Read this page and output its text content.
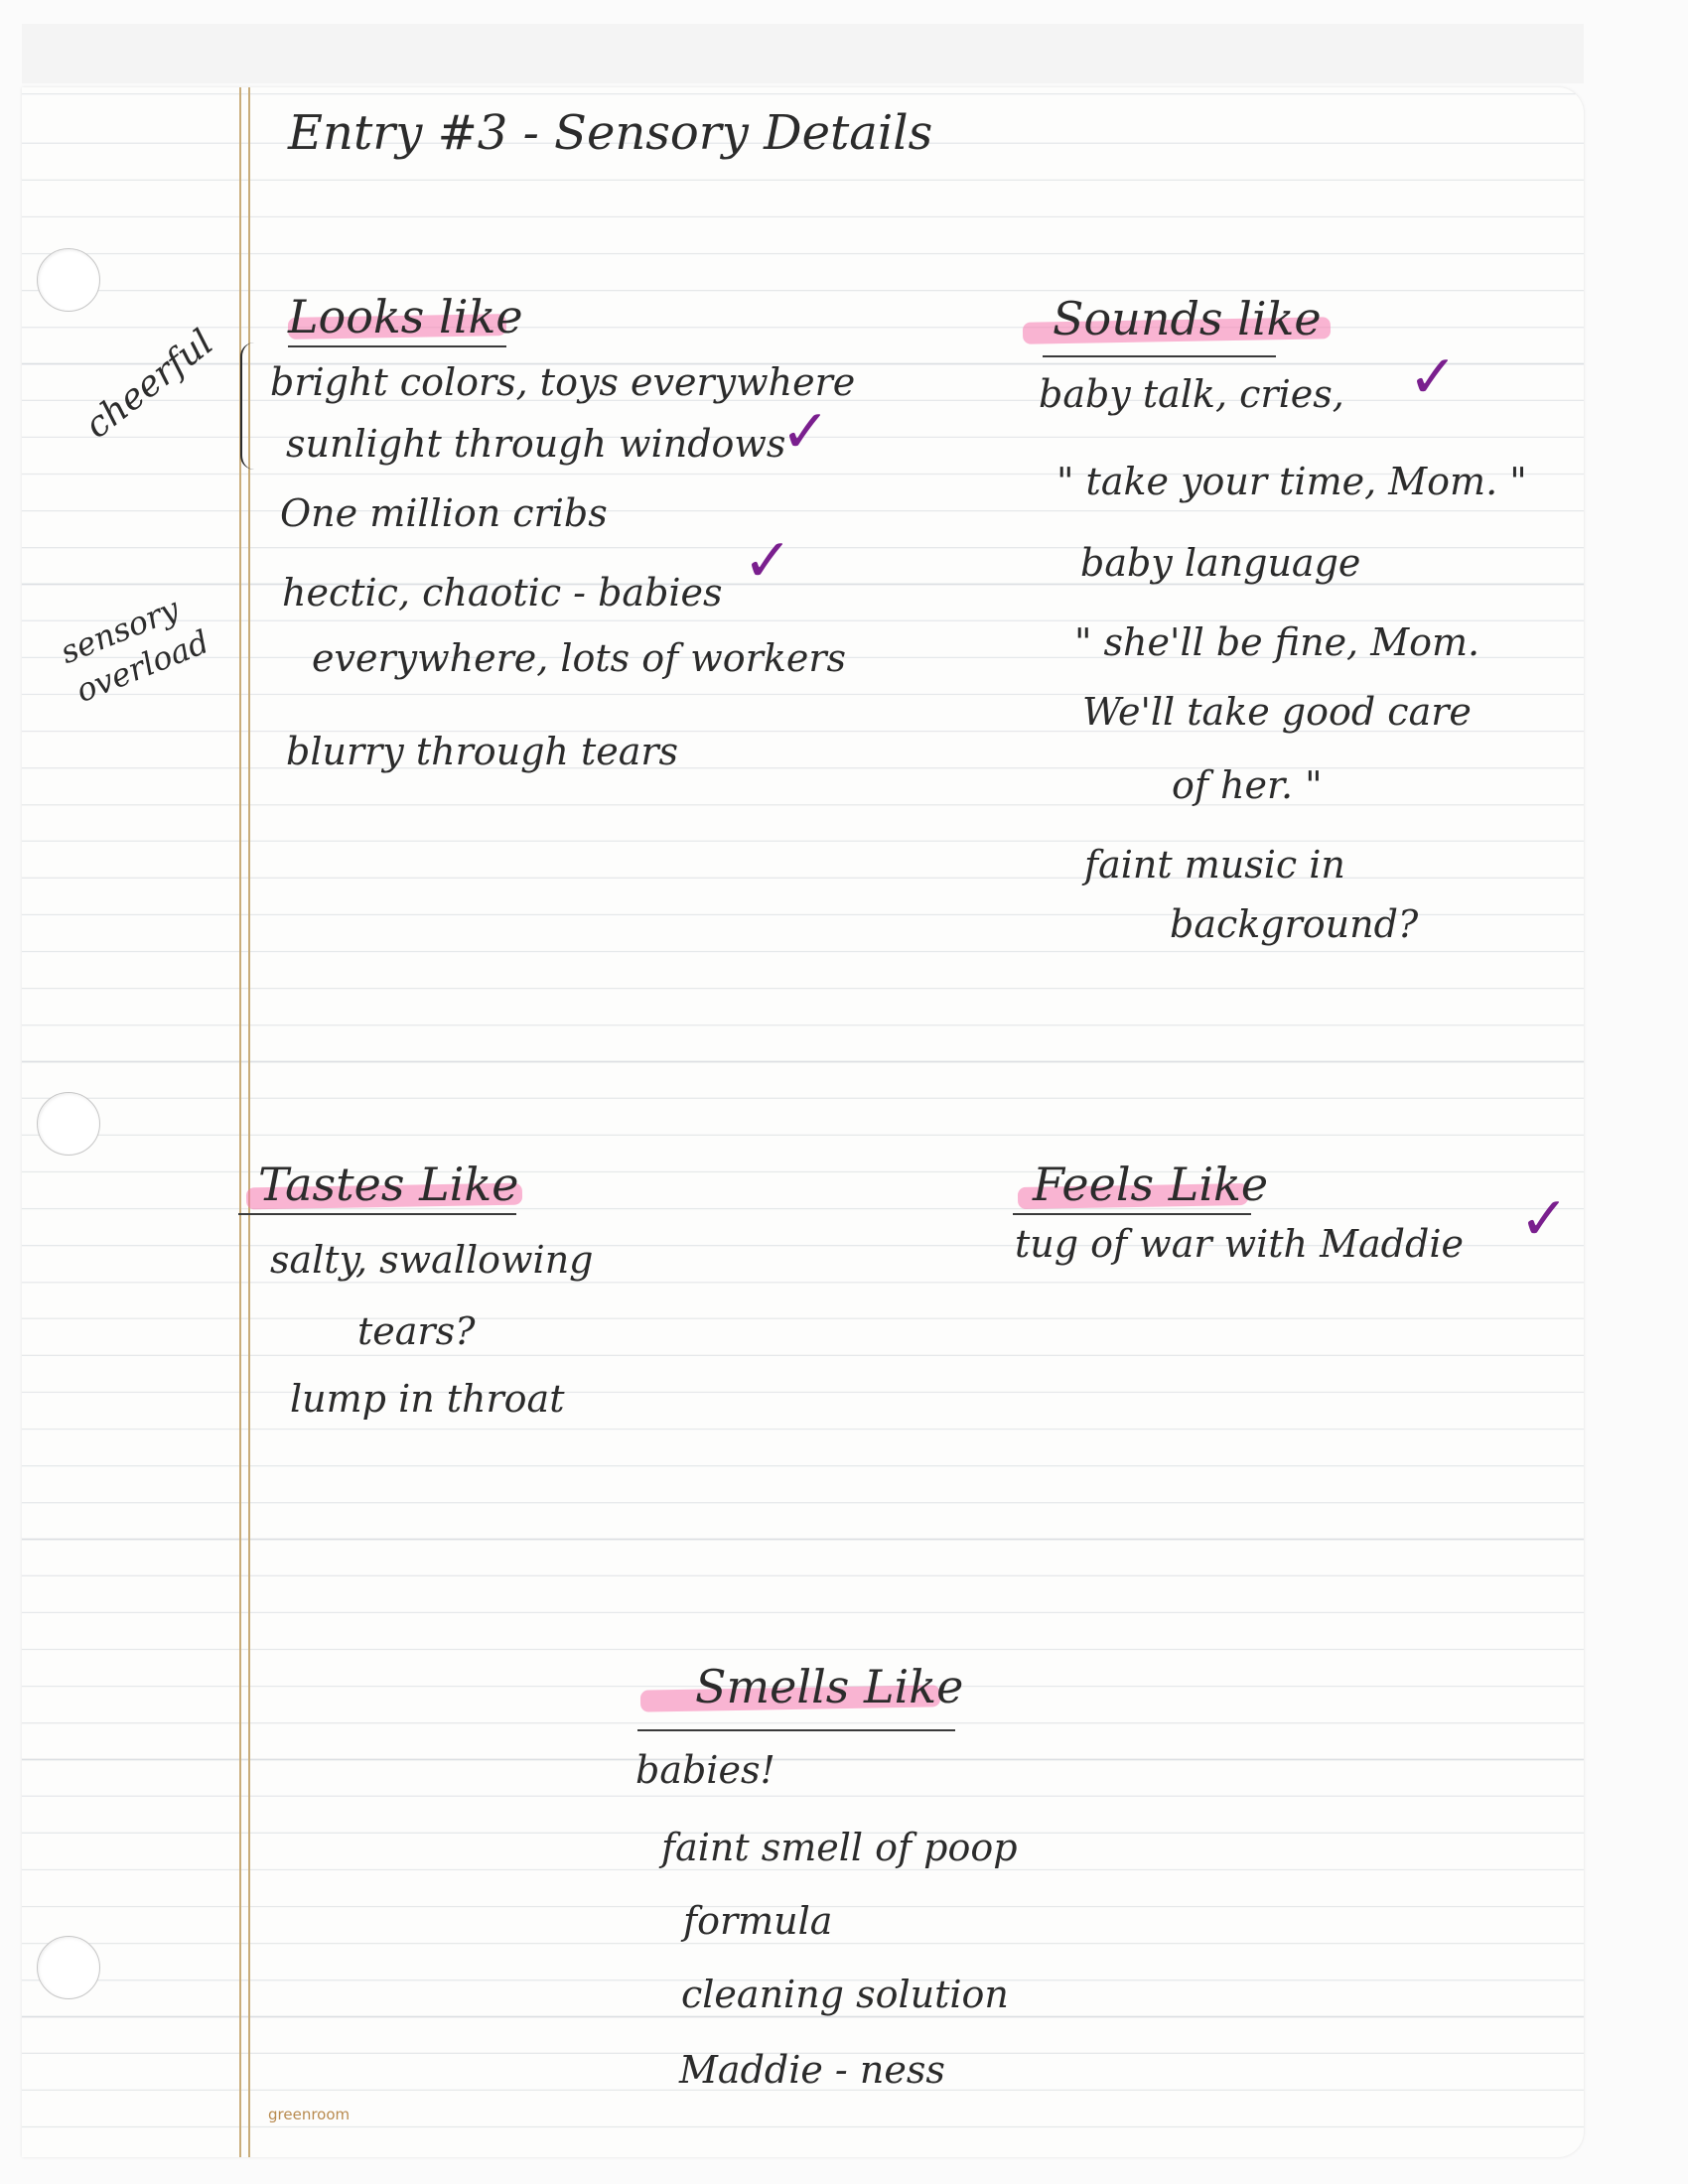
Entry #3 - Sensory Details

cheerful

sensory overload

Looks like

bright colors, toys everywhere

sunlight through windows

✓

One million cribs

hectic, chaotic - babies ✓

everywhere, lots of workers

blurry through tears

Sounds like

baby talk, cries, ✓

" take your time, Mom. "

baby language

" she'll be fine, Mom.

We'll take good care

of her. "

faint music in

background?

Tastes Like

salty, swallowing

tears?

lump in throat

Feels Like

tug of war with Maddie ✓

Smells Like

babies!

faint smell of poop

formula

cleaning solution

Maddie - ness

greenroom
